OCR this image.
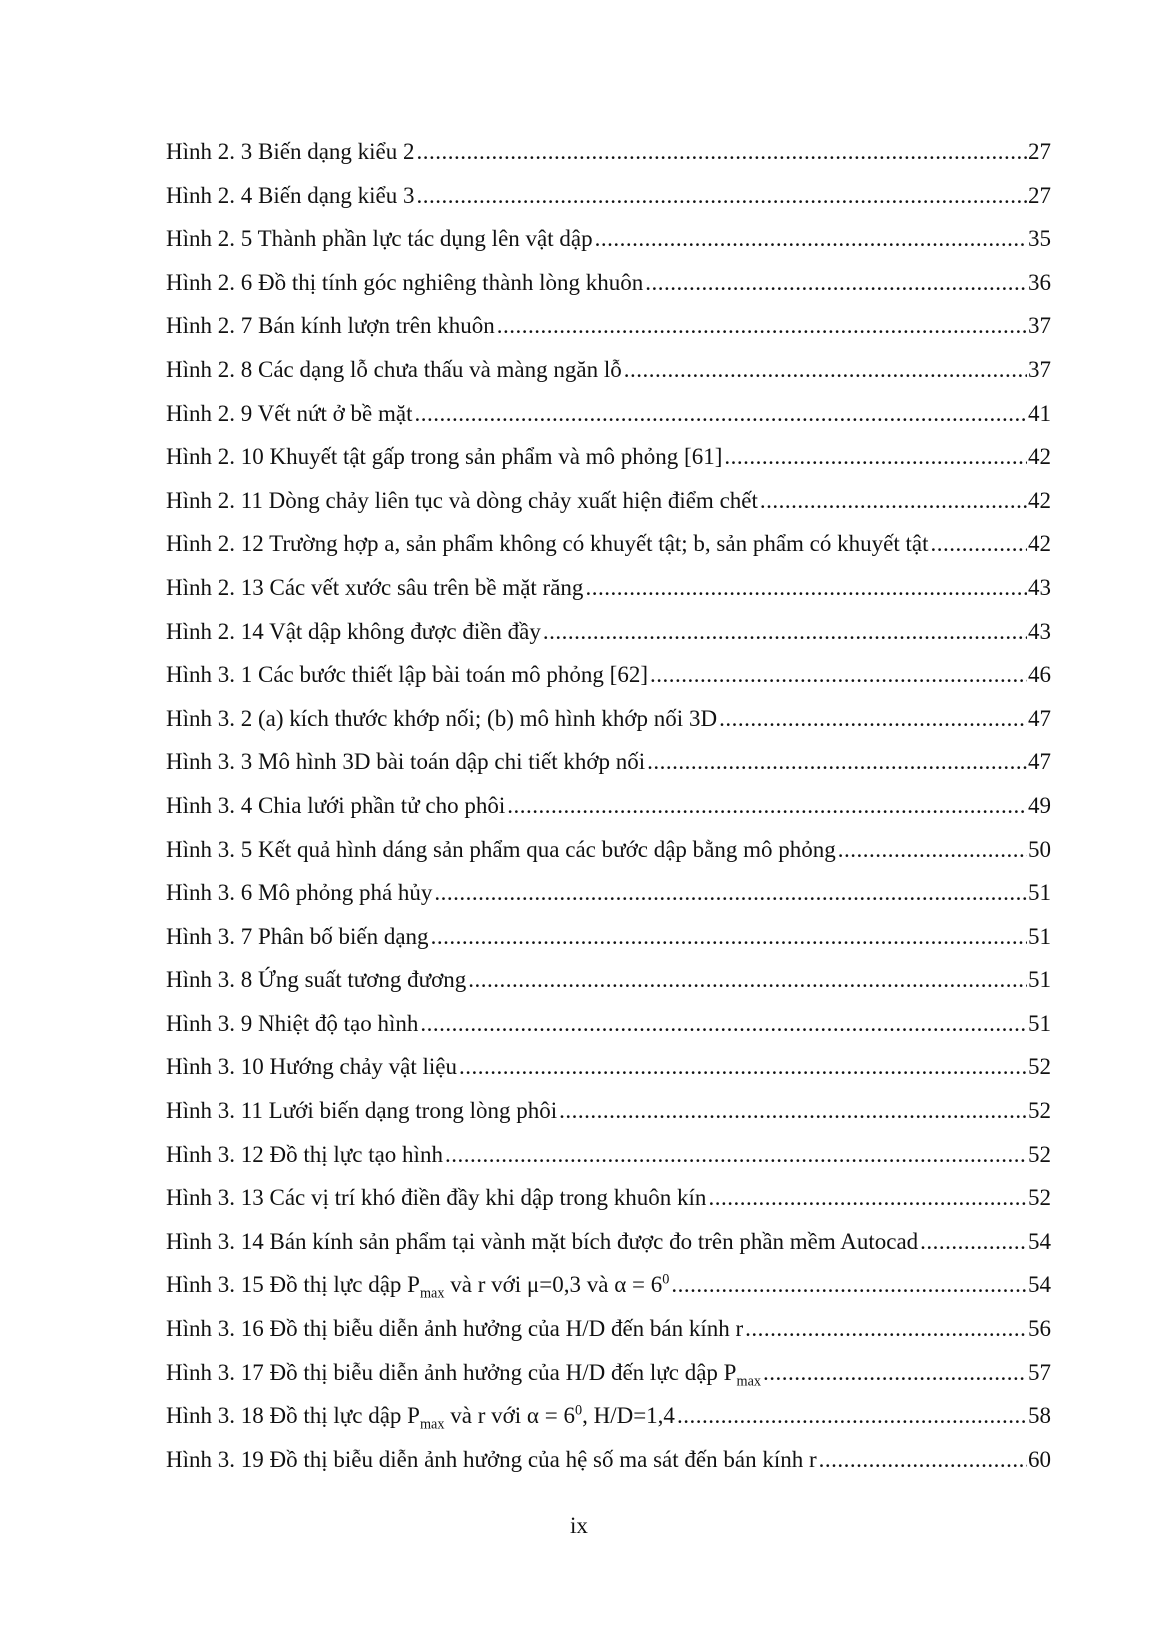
Hình 2. 3 Biến dạng kiểu 2 .....	27
Hình 2. 4 Biến dạng kiểu 3 .....	27
Hình 2. 5 Thành phần lực tác dụng lên vật dập .....	35
Hình 2. 6 Đồ thị tính góc nghiêng thành lòng khuôn .....	36
Hình 2. 7 Bán kính lượn trên khuôn .....	37
Hình 2. 8 Các dạng lỗ chưa thấu và màng ngăn lỗ .....	37
Hình 2. 9 Vết nứt ở bề mặt .....	41
Hình 2. 10 Khuyết tật gấp trong sản phẩm và mô phỏng [61] .....	42
Hình 2. 11 Dòng chảy liên tục và dòng chảy xuất hiện điểm chết .....	42
Hình 2. 12 Trường hợp a, sản phẩm không có khuyết tật; b, sản phẩm có khuyết tật .....	42
Hình 2. 13 Các vết xước sâu trên bề mặt răng .....	43
Hình 2. 14 Vật dập không được điền đầy .....	43
Hình 3. 1 Các bước thiết lập bài toán mô phỏng [62] .....	46
Hình 3. 2 (a) kích thước khớp nối; (b) mô hình khớp nối 3D .....	47
Hình 3. 3 Mô hình 3D bài toán dập chi tiết khớp nối .....	47
Hình 3. 4 Chia lưới phần tử cho phôi .....	49
Hình 3. 5 Kết quả hình dáng sản phẩm qua các bước dập bằng mô phỏng .....	50
Hình 3. 6 Mô phỏng phá hủy .....	51
Hình 3. 7 Phân bố biến dạng .....	51
Hình 3. 8 Ứng suất tương đương .....	51
Hình 3. 9 Nhiệt độ tạo hình .....	51
Hình 3. 10 Hướng chảy vật liệu .....	52
Hình 3. 11 Lưới biến dạng trong lòng phôi .....	52
Hình 3. 12 Đồ thị lực tạo hình .....	52
Hình 3. 13 Các vị trí khó điền đầy khi dập trong khuôn kín .....	52
Hình 3. 14 Bán kính sản phẩm tại vành mặt bích được đo trên phần mềm Autocad .....	54
Hình 3. 15 Đồ thị lực dập $P_{max}$ và r với μ=0,3 và $\alpha = 6^0$ .....	54
Hình 3. 16 Đồ thị biễu diễn ảnh hưởng của H/D đến bán kính r .....	56
Hình 3. 17 Đồ thị biễu diễn ảnh hưởng của H/D đến lực dập $P_{max}$ .....	57
Hình 3. 18 Đồ thị lực dập $P_{max}$ và r với $\alpha = 6^0$, H/D=1,4 .....	58
Hình 3. 19 Đồ thị biễu diễn ảnh hưởng của hệ số ma sát đến bán kính r .....	60
ix
